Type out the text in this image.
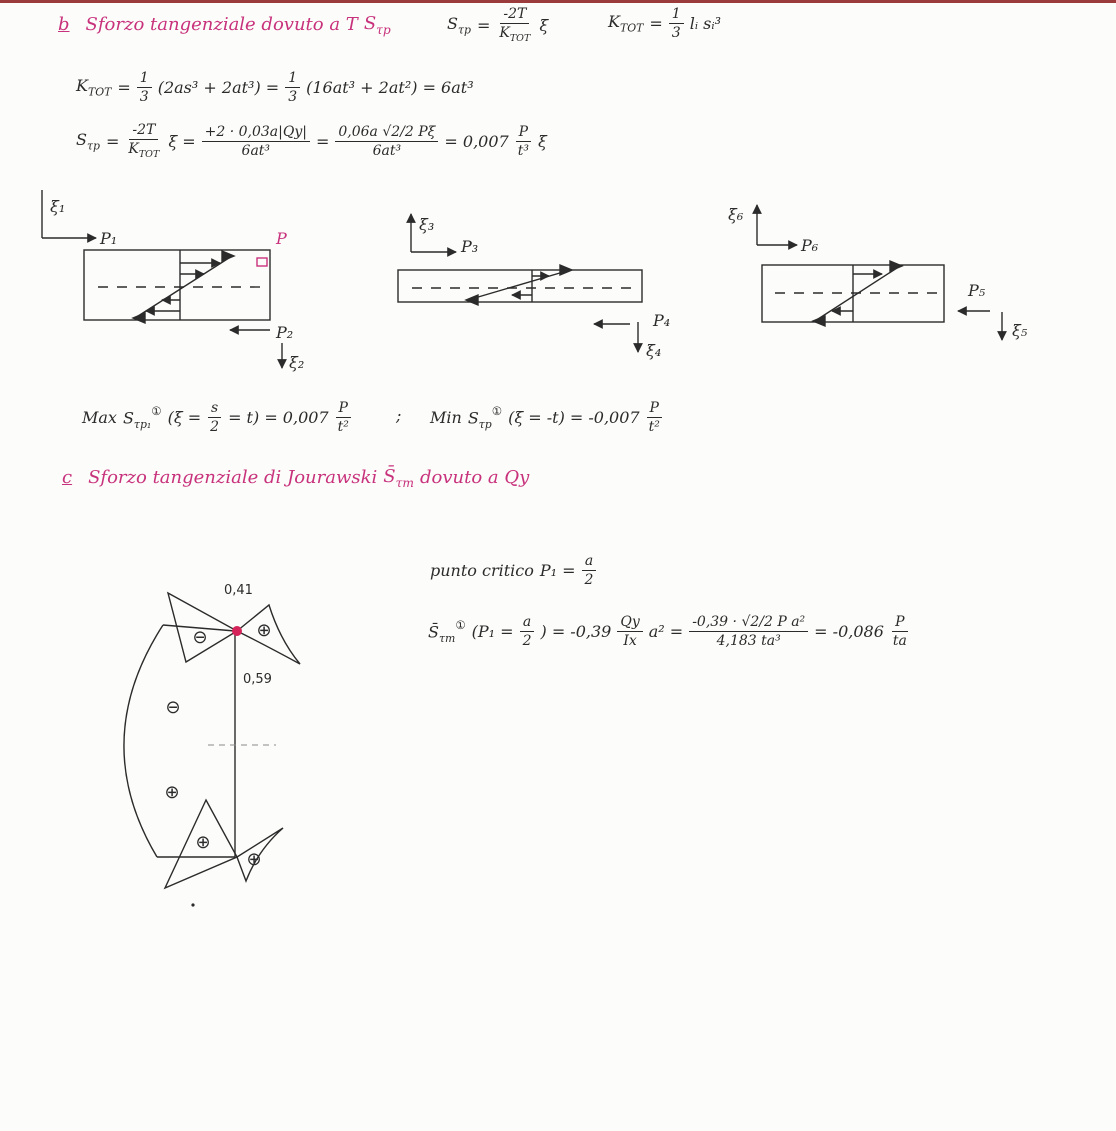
ξ₁
P₁	P
P₂
ξ₂
ξ₃
P₃
P₄
ξ₄
ξ₆
P₆
P₅
ξ₅
0,41
0,59
⊖	⊕
⊖
⊕
⊕
⊕
b Sforzo tangenziale dovuto a T $S_{\tau p}$	$S_{\tau p} = \frac{-2T}{K_{TOT}}$ ξ	$K_{TOT} = \frac{1}{3}$ lᵢ sᵢ³
$K_{TOT} = \frac{1}{3} (2as^3 + 2at^3) = \frac{1}{3} (16at^3 + 2at^2) = 6at^3$
$S_{\tau p} = \frac{-2T}{K_{TOT}}$ $\xi = \frac{+2 \cdot 0,03a|Qy|}{\text{6at³}} = \frac{0,06a √2/2 P\xi}{\text{6at³}} = 0,007 \frac{P}{\text{t³}}$ ξ
Max $S_{\tau p_1}^①$ $(\xi = \frac{s}{2} = t) = 0,007 \frac{P}{\text{t²}}$	; Min $S_{\tau p}^①$ $(\xi = -t) = -0,007 \frac{P}{\text{t²}}$
c Sforzo tangenziale di Jourawski $S̄_{\tau m}$ dovuto a Qy
punto critico $P_1 = \frac{a}{2}$
$S̄_{\tau m}^①$ ($P_1 = \frac{a}{2}$ ) = $-0,39 \frac{Qy}{Ix} a^2 = \frac{\text{-0,39 · √2/2 P a²}}{\text{4,183 ta³}} = -0,086 \frac{P}{ta}$
